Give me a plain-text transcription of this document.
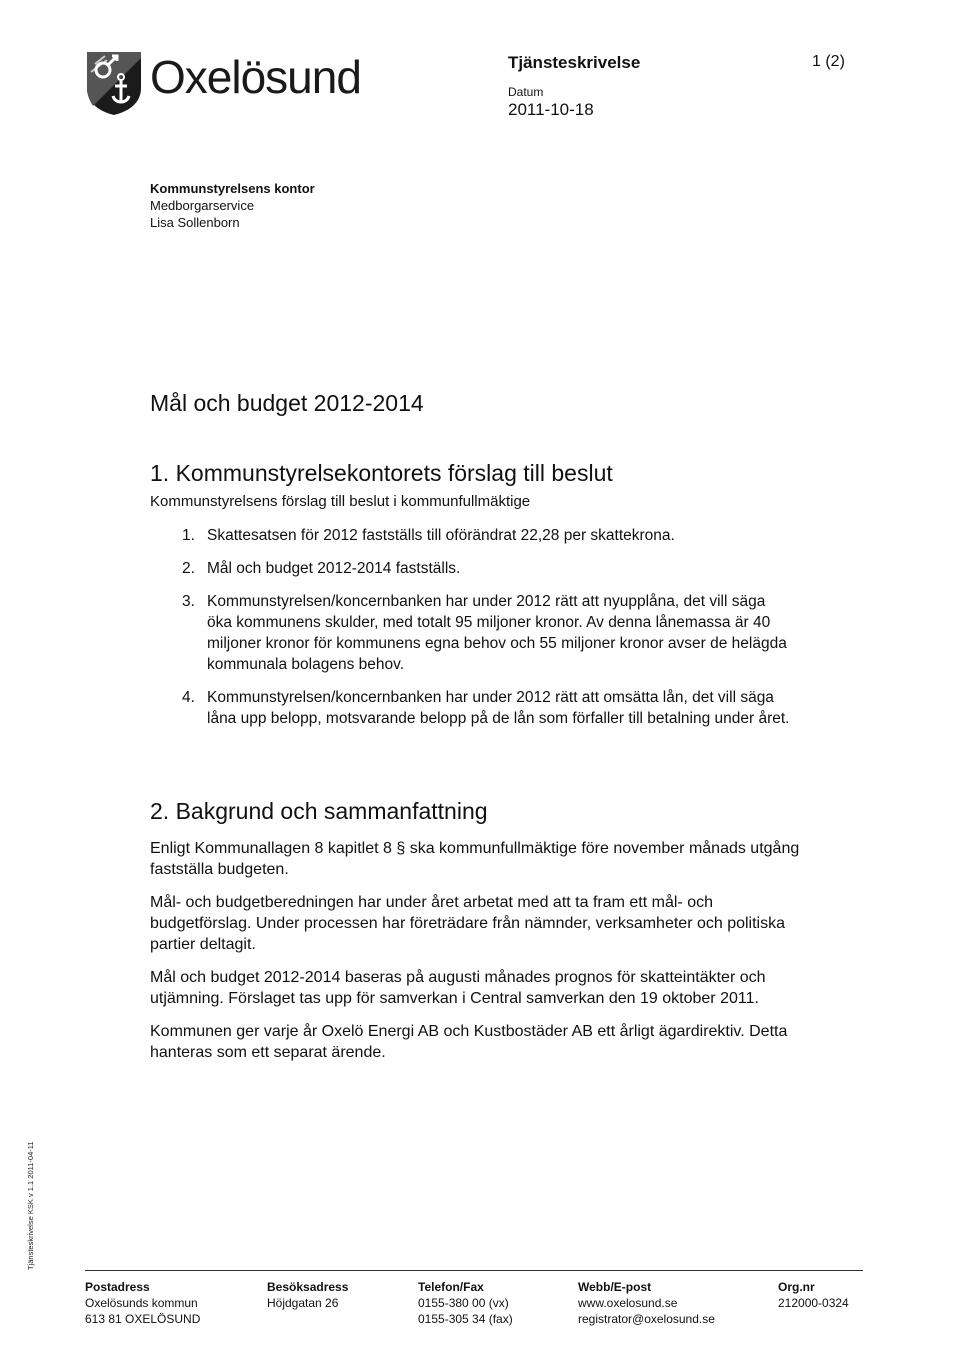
Oxelösund	Tjänsteskrivelse	1 (2)
Datum
2011-10-18
Kommunstyrelsens kontor
Medborgarservice
Lisa Sollenborn
Mål och budget 2012-2014
1. Kommunstyrelsekontorets förslag till beslut
Kommunstyrelsens förslag till beslut i kommunfullmäktige
1. Skattesatsen för 2012 fastställs till oförändrat 22,28 per skattekrona.
2. Mål och budget 2012-2014 fastställs.
3. Kommunstyrelsen/koncernbanken har under 2012 rätt att nyupplåna, det vill säga öka kommunens skulder, med totalt 95 miljoner kronor. Av denna lånemassa är 40 miljoner kronor för kommunens egna behov och 55 miljoner kronor avser de helägda kommunala bolagens behov.
4. Kommunstyrelsen/koncernbanken har under 2012 rätt att omsätta lån, det vill säga låna upp belopp, motsvarande belopp på de lån som förfaller till betalning under året.
2. Bakgrund och sammanfattning

Enligt Kommunallagen 8 kapitlet 8 § ska kommunfullmäktige före november månads utgång fastställa budgeten.

Mål- och budgetberedningen har under året arbetat med att ta fram ett mål- och budgetförslag. Under processen har företrädare från nämnder, verksamheter och politiska partier deltagit.

Mål och budget 2012-2014 baseras på augusti månades prognos för skatteintäkter och utjämning. Förslaget tas upp för samverkan i Central samverkan den 19 oktober 2011.

Kommunen ger varje år Oxelö Energi AB och Kustbostäder AB ett årligt ägardirektiv. Detta hanteras som ett separat ärende.

Tjänsteskrivelse KSK v 1.1 2011-04-11
Postadress
Oxelösunds kommun
613 81 OXELÖSUND
Besöksadress
Höjdgatan 26
Telefon/Fax
0155-380 00 (vx)
0155-305 34 (fax)
Webb/E-post
www.oxelosund.se
registrator@oxelosund.se
Org.nr
212000-0324
